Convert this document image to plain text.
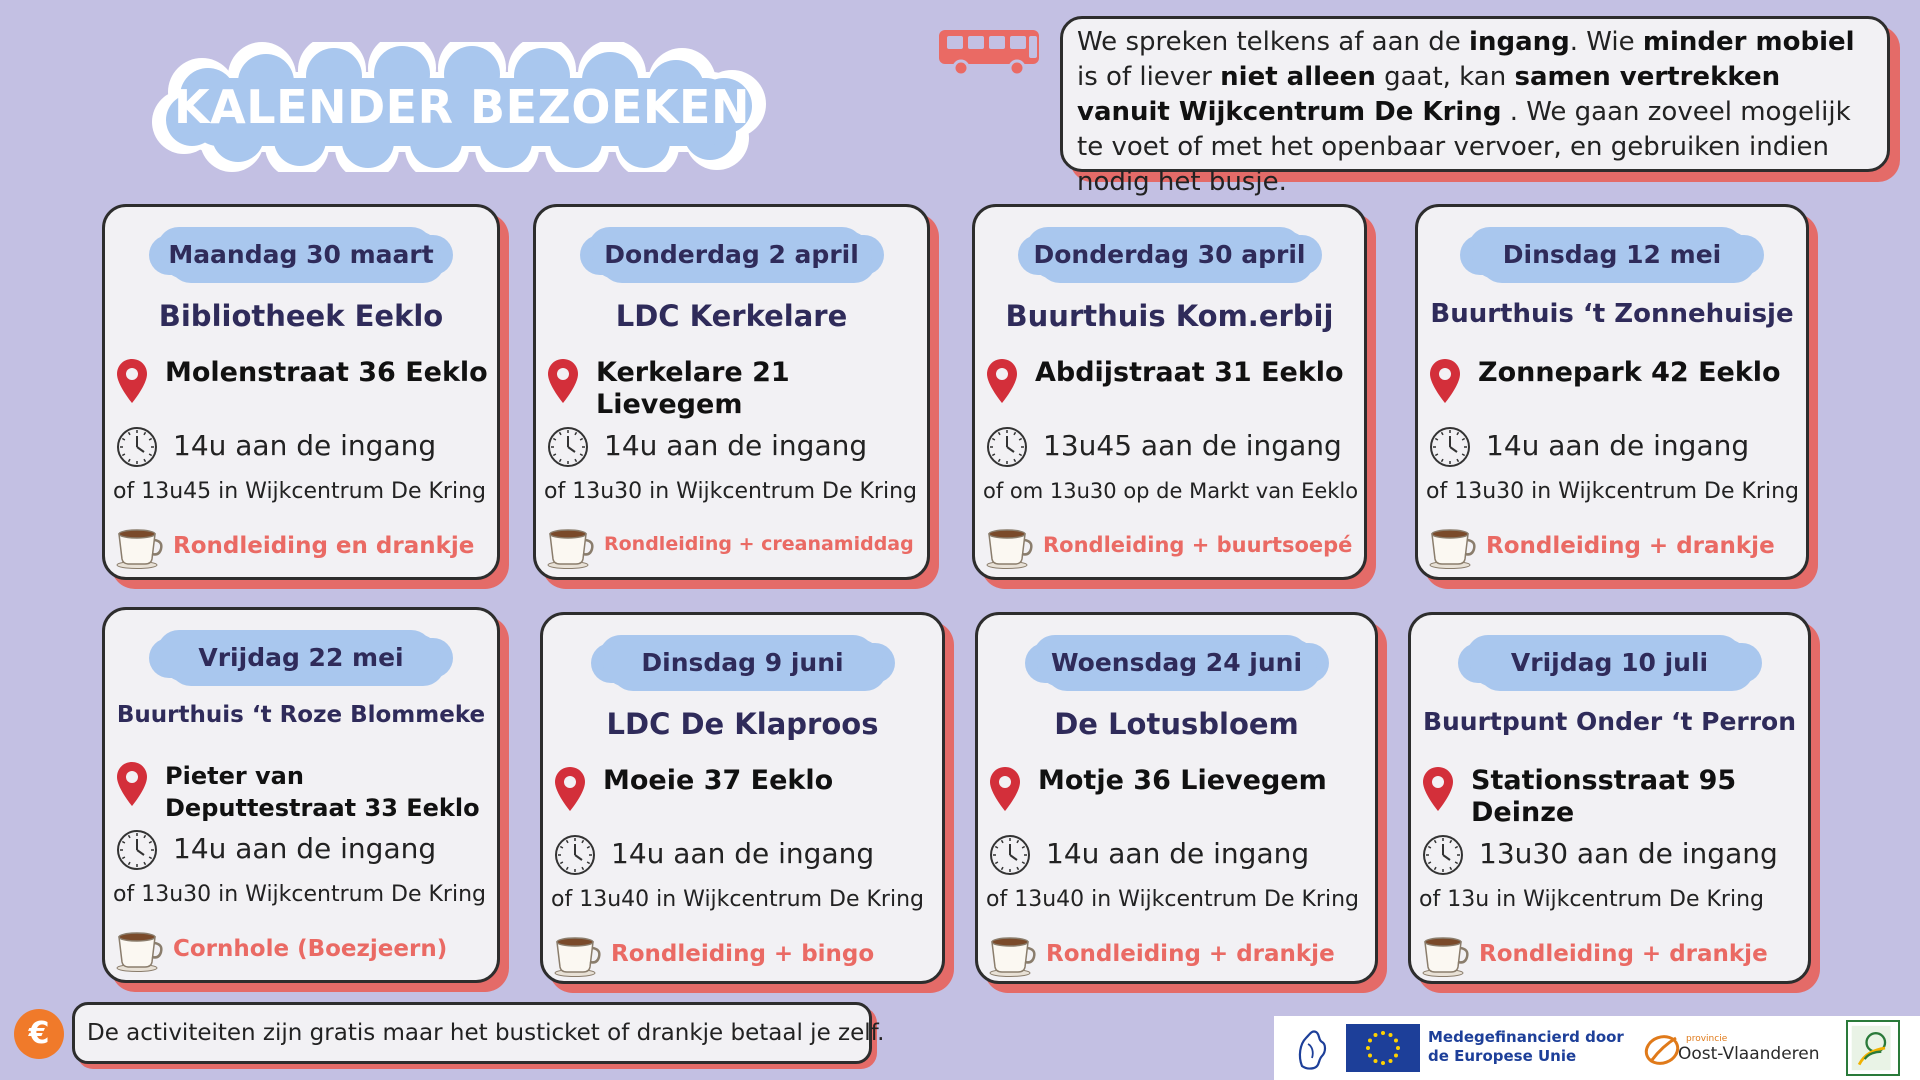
KALENDER BEZOEKEN
We spreken telkens af aan de ingang. Wie minder mobiel is of liever niet alleen gaat, kan samen vertrekken vanuit Wijkcentrum De Kring . We gaan zoveel mogelijk te voet of met het openbaar vervoer, en gebruiken indien nodig het busje.
Maandag 30 maart
Bibliotheek Eeklo
Molenstraat 36 Eeklo
14u aan de ingang
of 13u45 in Wijkcentrum De Kring
Rondleiding en drankje
Donderdag 2 april
LDC Kerkelare
Kerkelare 21 Lievegem
14u aan de ingang
of 13u30 in Wijkcentrum De Kring
Rondleiding + creanamiddag
Donderdag 30 april
Buurthuis Kom.erbij
Abdijstraat 31 Eeklo
13u45 aan de ingang
of om 13u30 op de Markt van Eeklo
Rondleiding + buurtsoepé
Dinsdag 12 mei
Buurthuis ‘t Zonnehuisje
Zonnepark 42 Eeklo
14u aan de ingang
of 13u30 in Wijkcentrum De Kring
Rondleiding + drankje
Vrijdag 22 mei
Buurthuis ‘t Roze Blommeke
Pieter van Deputtestraat 33 Eeklo
14u aan de ingang
of 13u30 in Wijkcentrum De Kring
Cornhole (Boezjeern)
Dinsdag 9 juni
LDC De Klaproos
Moeie 37 Eeklo
14u aan de ingang
of 13u40 in Wijkcentrum De Kring
Rondleiding + bingo
Woensdag 24 juni
De Lotusbloem
Motje 36 Lievegem
14u aan de ingang
of 13u40 in Wijkcentrum De Kring
Rondleiding + drankje
Vrijdag 10 juli
Buurtpunt Onder ‘t Perron
Stationsstraat 95 Deinze
13u30 aan de ingang
of 13u in Wijkcentrum De Kring
Rondleiding + drankje
€	De activiteiten zijn gratis maar het busticket of drankje betaal je zelf.	Medegefinancierd door
de Europese Unie
provincie
Oost-Vlaanderen
